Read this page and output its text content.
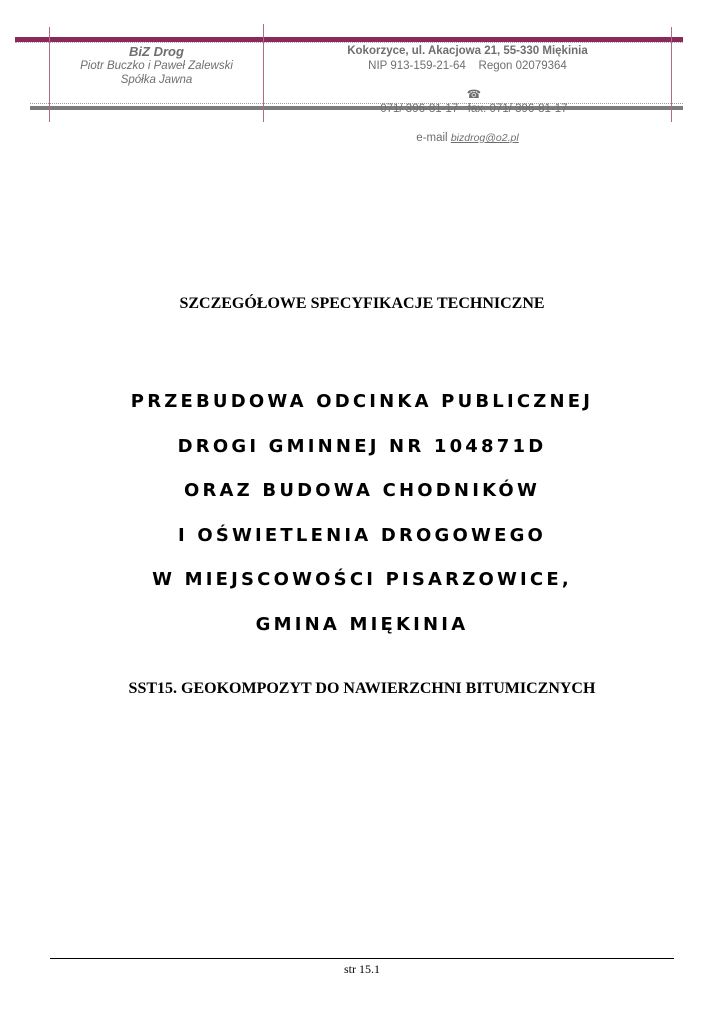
BiZ Drog
Piotr Buczko i Paweł Zalewski
Spółka Jawna
Kokorzyce, ul. Akacjowa 21, 55-330 Miękinia
NIP 913-159-21-64    Regon 02079364

☎
071/ 396-81-17   fax. 071/ 396-81-17

e-mail bizdrog@o2.pl
SZCZEGÓŁOWE SPECYFIKACJE TECHNICZNE
PRZEBUDOWA ODCINKA PUBLICZNEJ
DROGI GMINNEJ NR 104871D
ORAZ BUDOWA CHODNIKÓW
I OŚWIETLENIA DROGOWEGO
W MIEJSCOWOŚCI PISARZOWICE,
GMINA MIĘKINIA
SST15. GEOKOMPOZYT DO NAWIERZCHNI BITUMICZNYCH
str 15.1
